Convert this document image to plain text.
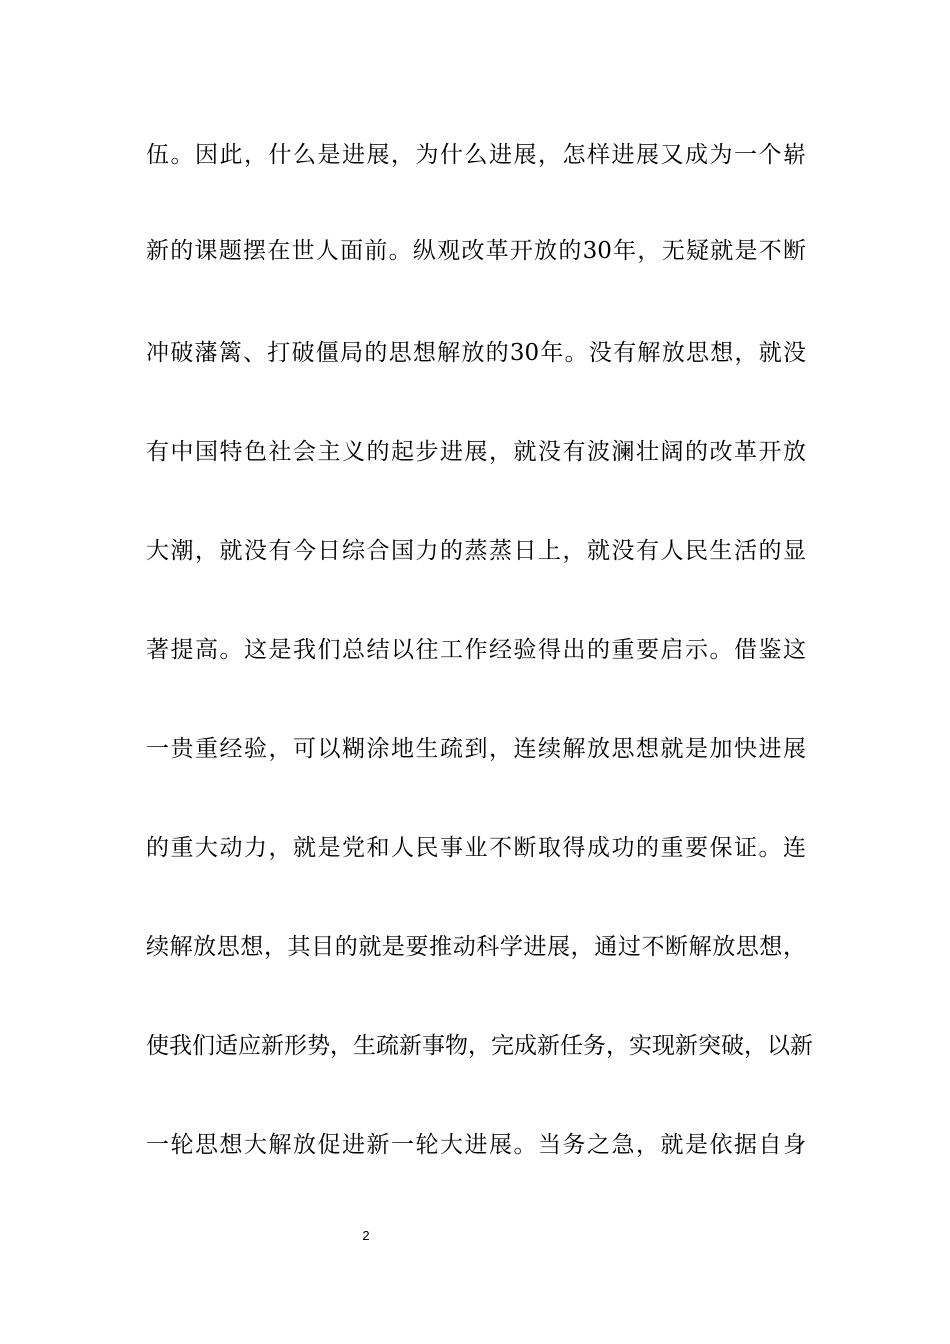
伍。因此，什么是进展，为什么进展，怎样进展又成为一个崭
新的课题摆在世人面前。纵观改革开放的30年，无疑就是不断
冲破藩篱、打破僵局的思想解放的30年。没有解放思想，就没
有中国特色社会主义的起步进展，就没有波澜壮阔的改革开放
大潮，就没有今日综合国力的蒸蒸日上，就没有人民生活的显
著提高。这是我们总结以往工作经验得出的重要启示。借鉴这
一贵重经验，可以糊涂地生疏到，连续解放思想就是加快进展
的重大动力，就是党和人民事业不断取得成功的重要保证。连
续解放思想，其目的就是要推动科学进展，通过不断解放思想，
使我们适应新形势，生疏新事物，完成新任务，实现新突破，以新
一轮思想大解放促进新一轮大进展。当务之急，就是依据自身
2
